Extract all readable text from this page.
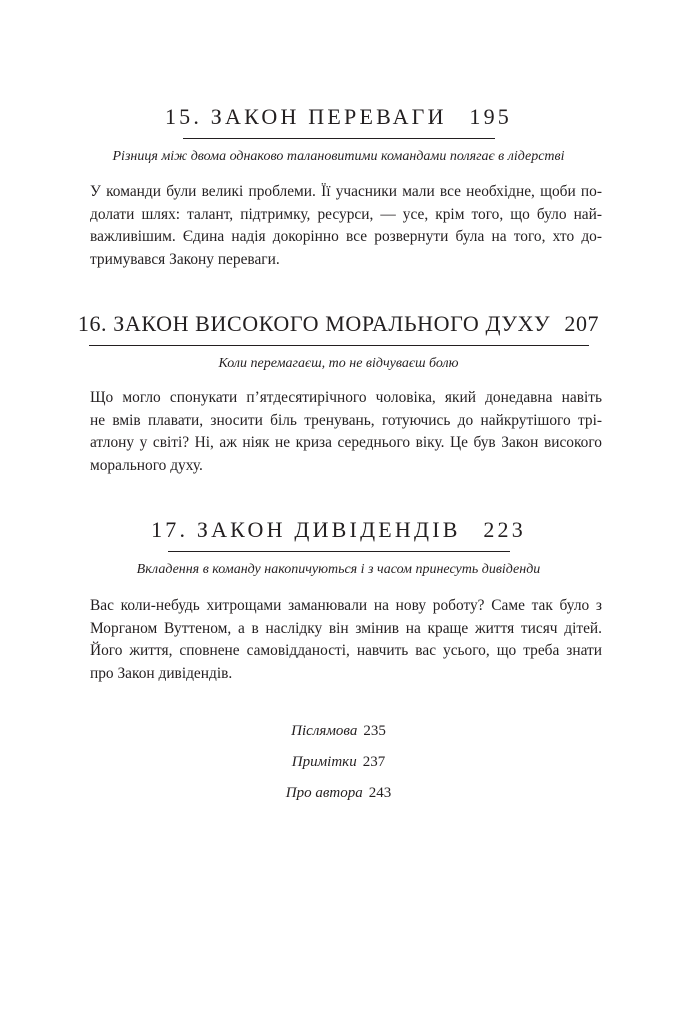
15. ЗАКОН ПЕРЕВАГИ 195
Різниця між двома однаково талановитими командами полягає в лідерстві
У команди були великі проблеми. Її учасники мали все необхідне, щоби по-
долати шлях: талант, підтримку, ресурси, — усе, крім того, що було най-
важливішим. Єдина надія докорінно все розвернути була на того, хто до-
тримувався Закону переваги.
16. ЗАКОН ВИСОКОГО МОРАЛЬНОГО ДУХУ 207
Коли перемагаєш, то не відчуваєш болю
Що могло спонукати п’ятдесятирічного чоловіка, який донедавна навіть
не вмів плавати, зносити біль тренувань, готуючись до найкрутішого трі-
атлону у світі? Ні, аж ніяк не криза середнього віку. Це був Закон високого
морального духу.
17. ЗАКОН ДИВІДЕНДІВ 223
Вкладення в команду накопичуються і з часом принесуть дивіденди
Вас коли-небудь хитрощами заманювали на нову роботу? Саме так було з
Морганом Вуттеном, а в наслідку він змінив на краще життя тисяч дітей.
Його життя, сповнене самовідданості, навчить вас усього, що треба знати
про Закон дивідендів.
Післямова 235
Примітки 237
Про автора 243
